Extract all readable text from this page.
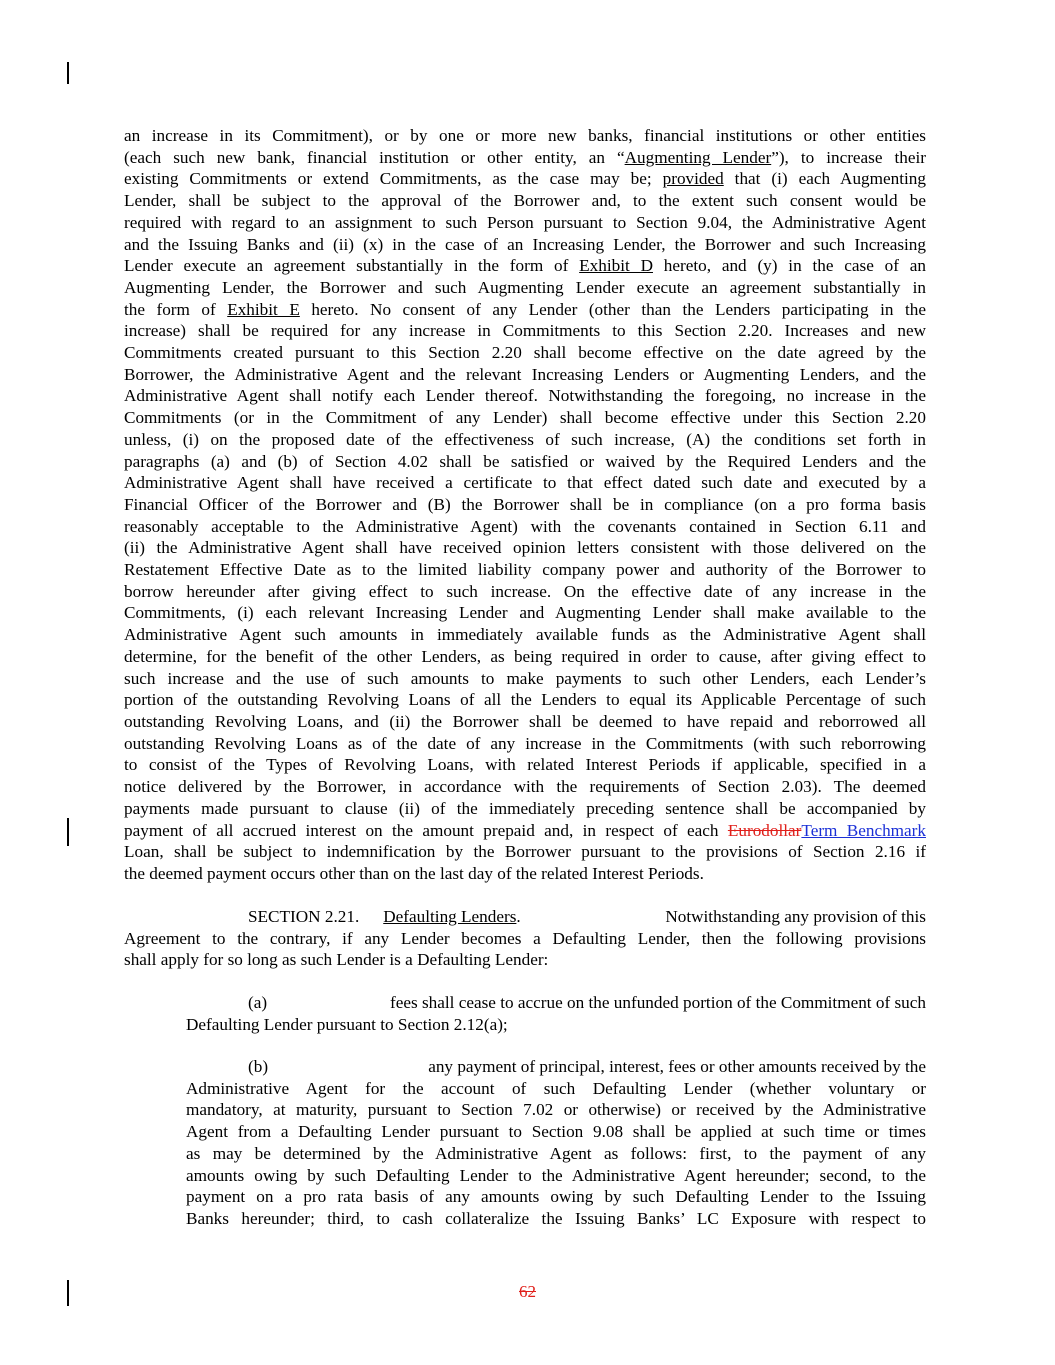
an increase in its Commitment), or by one or more new banks, financial institutions or other entities
(each such new bank, financial institution or other entity, an “Augmenting Lender”), to increase their
existing Commitments or extend Commitments, as the case may be; provided that (i) each Augmenting
Lender, shall be subject to the approval of the Borrower and, to the extent such consent would be
required with regard to an assignment to such Person pursuant to Section 9.04, the Administrative Agent
and the Issuing Banks and (ii) (x) in the case of an Increasing Lender, the Borrower and such Increasing
Lender execute an agreement substantially in the form of Exhibit D hereto, and (y) in the case of an
Augmenting Lender, the Borrower and such Augmenting Lender execute an agreement substantially in
the form of Exhibit E hereto. No consent of any Lender (other than the Lenders participating in the
increase) shall be required for any increase in Commitments to this Section 2.20. Increases and new
Commitments created pursuant to this Section 2.20 shall become effective on the date agreed by the
Borrower, the Administrative Agent and the relevant Increasing Lenders or Augmenting Lenders, and the
Administrative Agent shall notify each Lender thereof. Notwithstanding the foregoing, no increase in the
Commitments (or in the Commitment of any Lender) shall become effective under this Section 2.20
unless, (i) on the proposed date of the effectiveness of such increase, (A) the conditions set forth in
paragraphs (a) and (b) of Section 4.02 shall be satisfied or waived by the Required Lenders and the
Administrative Agent shall have received a certificate to that effect dated such date and executed by a
Financial Officer of the Borrower and (B) the Borrower shall be in compliance (on a pro forma basis
reasonably acceptable to the Administrative Agent) with the covenants contained in Section 6.11 and
(ii) the Administrative Agent shall have received opinion letters consistent with those delivered on the
Restatement Effective Date as to the limited liability company power and authority of the Borrower to
borrow hereunder after giving effect to such increase. On the effective date of any increase in the
Commitments, (i) each relevant Increasing Lender and Augmenting Lender shall make available to the
Administrative Agent such amounts in immediately available funds as the Administrative Agent shall
determine, for the benefit of the other Lenders, as being required in order to cause, after giving effect to
such increase and the use of such amounts to make payments to such other Lenders, each Lender’s
portion of the outstanding Revolving Loans of all the Lenders to equal its Applicable Percentage of such
outstanding Revolving Loans, and (ii) the Borrower shall be deemed to have repaid and reborrowed all
outstanding Revolving Loans as of the date of any increase in the Commitments (with such reborrowing
to consist of the Types of Revolving Loans, with related Interest Periods if applicable, specified in a
notice delivered by the Borrower, in accordance with the requirements of Section 2.03). The deemed
payments made pursuant to clause (ii) of the immediately preceding sentence shall be accompanied by
payment of all accrued interest on the amount prepaid and, in respect of each EurodollarTerm Benchmark
Loan, shall be subject to indemnification by the Borrower pursuant to the provisions of Section 2.16 if
the deemed payment occurs other than on the last day of the related Interest Periods.
SECTION 2.21. Defaulting Lenders.	Notwithstanding any provision of this
Agreement to the contrary, if any Lender becomes a Defaulting Lender, then the following provisions
shall apply for so long as such Lender is a Defaulting Lender:
(a)	fees shall cease to accrue on the unfunded portion of the Commitment of such
Defaulting Lender pursuant to Section 2.12(a);
(b)	any payment of principal, interest, fees or other amounts received by the
Administrative Agent for the account of such Defaulting Lender (whether voluntary or
mandatory, at maturity, pursuant to Section 7.02 or otherwise) or received by the Administrative
Agent from a Defaulting Lender pursuant to Section 9.08 shall be applied at such time or times
as may be determined by the Administrative Agent as follows: first, to the payment of any
amounts owing by such Defaulting Lender to the Administrative Agent hereunder; second, to the
payment on a pro rata basis of any amounts owing by such Defaulting Lender to the Issuing
Banks hereunder; third, to cash collateralize the Issuing Banks’ LC Exposure with respect to
62
